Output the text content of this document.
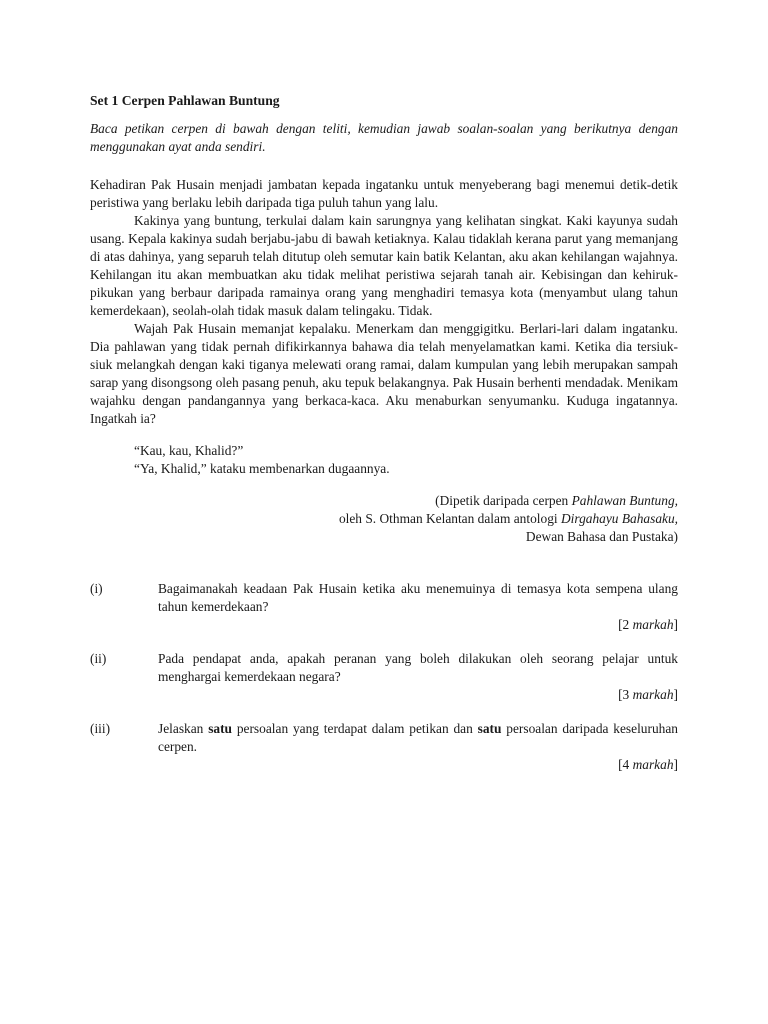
Set 1 Cerpen Pahlawan Buntung
Baca petikan cerpen di bawah dengan teliti, kemudian jawab soalan-soalan yang berikutnya dengan menggunakan ayat anda sendiri.

Kehadiran Pak Husain menjadi jambatan kepada ingatanku untuk menyeberang bagi menemui detik-detik peristiwa yang berlaku lebih daripada tiga puluh tahun yang lalu.

Kakinya yang buntung, terkulai dalam kain sarungnya yang kelihatan singkat. Kaki kayunya sudah usang. Kepala kakinya sudah berjabu-jabu di bawah ketiaknya. Kalau tidaklah kerana parut yang memanjang di atas dahinya, yang separuh telah ditutup oleh semutar kain batik Kelantan, aku akan kehilangan wajahnya. Kehilangan itu akan membuatkan aku tidak melihat peristiwa sejarah tanah air. Kebisingan dan kehiruk-pikukan yang berbaur daripada ramainya orang yang menghadiri temasya kota (menyambut ulang tahun kemerdekaan), seolah-olah tidak masuk dalam telingaku. Tidak.

Wajah Pak Husain memanjat kepalaku. Menerkam dan menggigitku. Berlari-lari dalam ingatanku. Dia pahlawan yang tidak pernah difikirkannya bahawa dia telah menyelamatkan kami. Ketika dia tersiuk-siuk melangkah dengan kaki tiganya melewati orang ramai, dalam kumpulan yang lebih merupakan sampah sarap yang disongsong oleh pasang penuh, aku tepuk belakangnya. Pak Husain berhenti mendadak. Menikam wajahku dengan pandangannya yang berkaca-kaca. Aku menaburkan senyumanku. Kuduga ingatannya. Ingatkah ia?

“Kau, kau, Khalid?”

“Ya, Khalid,” kataku membenarkan dugaannya.

(Dipetik daripada cerpen Pahlawan Buntung,

oleh S. Othman Kelantan dalam antologi Dirgahayu Bahasaku,

Dewan Bahasa dan Pustaka)

(i)	Bagaimanakah keadaan Pak Husain ketika aku menemuinya di temasya kota sempena ulang tahun kemerdekaan?
[2 markah]
(ii)	Pada pendapat anda, apakah peranan yang boleh dilakukan oleh seorang pelajar untuk menghargai kemerdekaan negara?
[3 markah]
(iii)	Jelaskan satu persoalan yang terdapat dalam petikan dan satu persoalan daripada keseluruhan cerpen.
[4 markah]
